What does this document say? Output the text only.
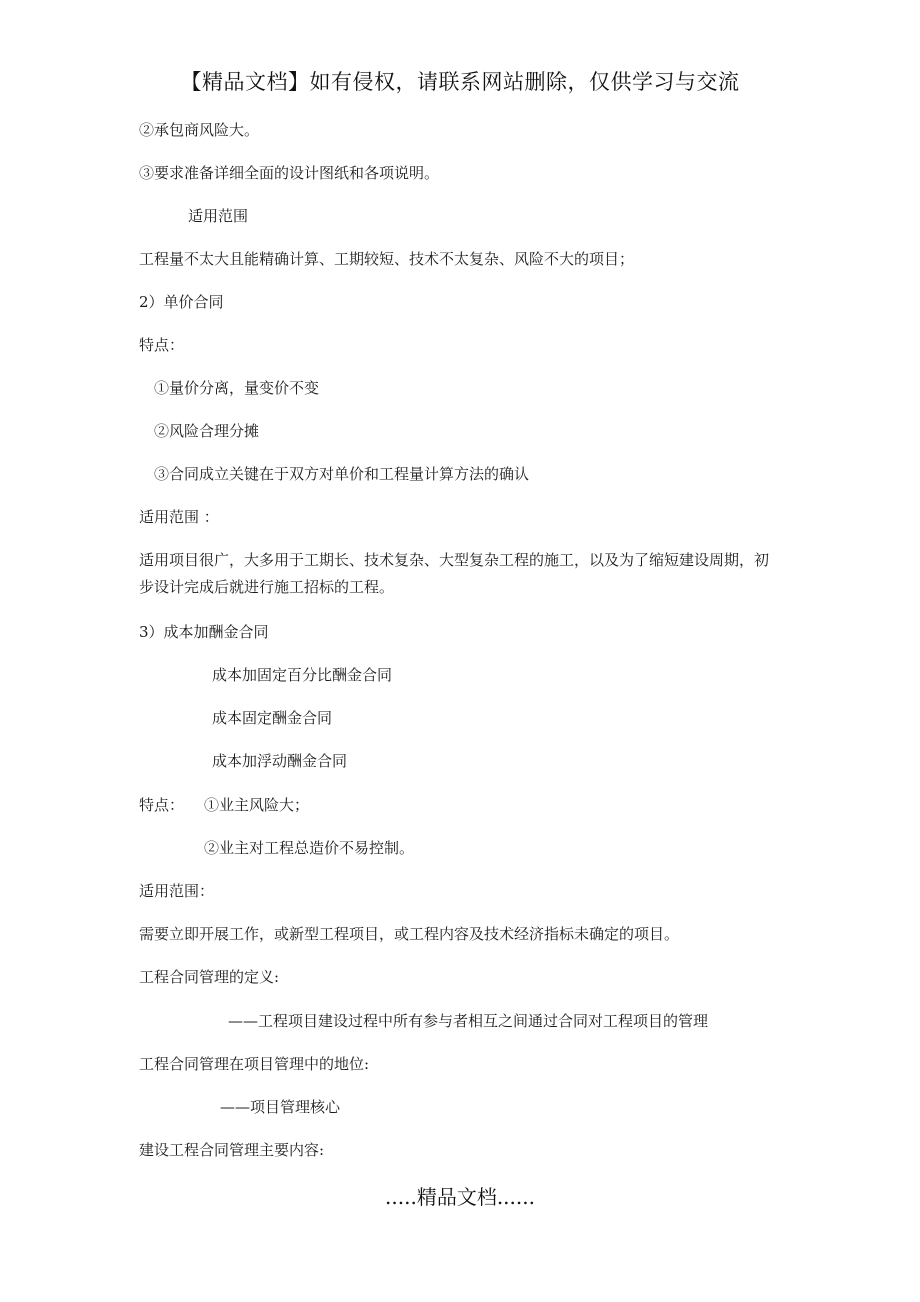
【精品文档】如有侵权，请联系网站删除，仅供学习与交流
②承包商风险大。
③要求准备详细全面的设计图纸和各项说明。
适用范围
工程量不太大且能精确计算、工期较短、技术不太复杂、风险不大的项目；
2）单价合同
特点：
①量价分离，量变价不变
②风险合理分摊
③合同成立关键在于双方对单价和工程量计算方法的确认
适用范围 ：
适用项目很广，大多用于工期长、技术复杂、大型复杂工程的施工，以及为了缩短建设周期，初步设计完成后就进行施工招标的工程。
3）成本加酬金合同
成本加固定百分比酬金合同
成本固定酬金合同
成本加浮动酬金合同
特点： ①业主风险大；
②业主对工程总造价不易控制。
适用范围：
需要立即开展工作，或新型工程项目，或工程内容及技术经济指标未确定的项目。
工程合同管理的定义:
——工程项目建设过程中所有参与者相互之间通过合同对工程项目的管理
工程合同管理在项目管理中的地位:
——项目管理核心
建设工程合同管理主要内容:
.....精品文档......
